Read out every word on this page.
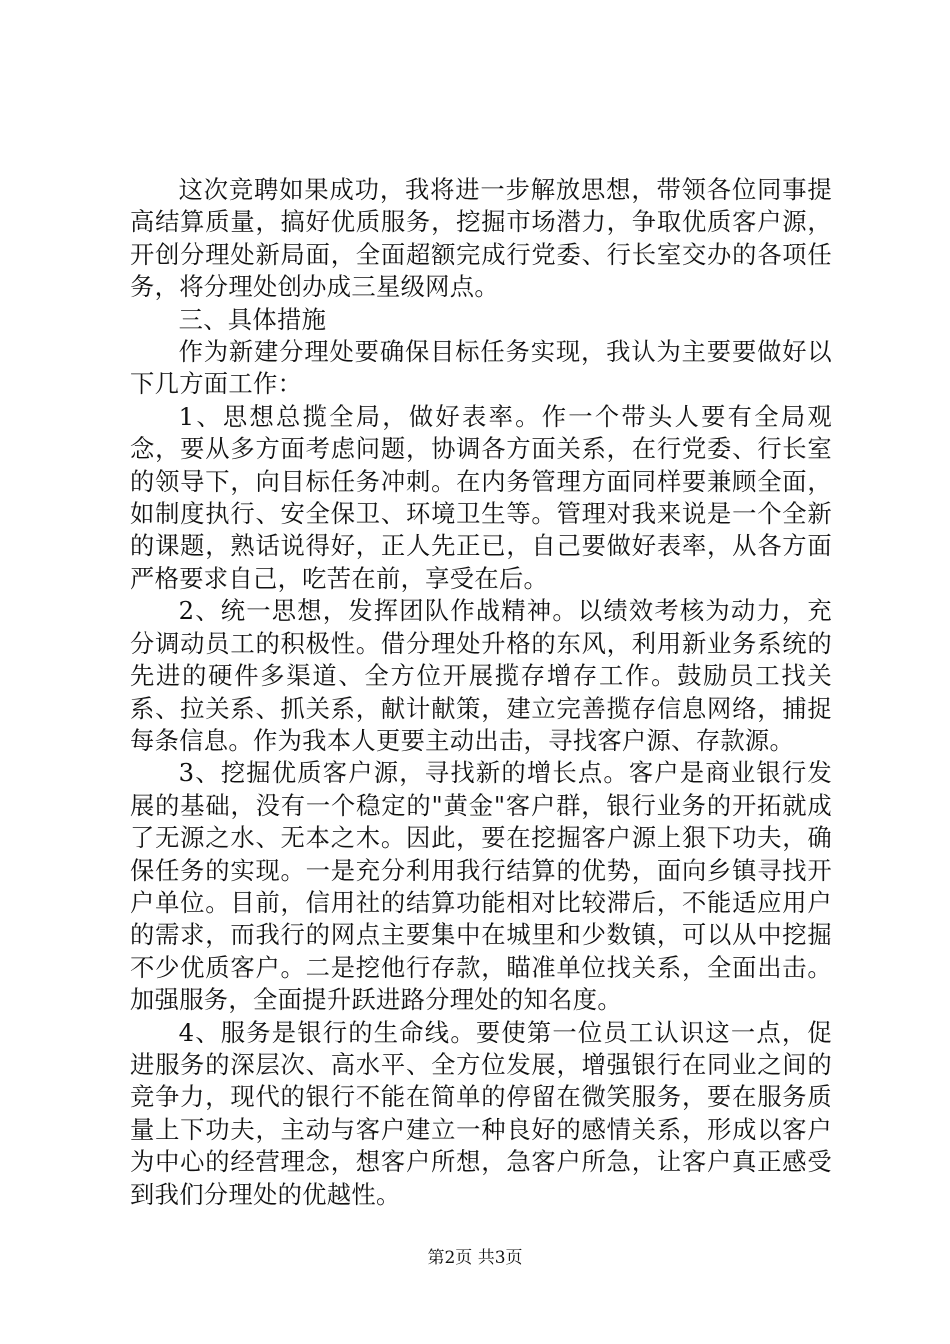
这次竞聘如果成功，我将进一步解放思想，带领各位同事提高结算质量，搞好优质服务，挖掘市场潜力，争取优质客户源，开创分理处新局面，全面超额完成行党委、行长室交办的各项任务，将分理处创办成三星级网点。

三、具体措施

作为新建分理处要确保目标任务实现，我认为主要要做好以下几方面工作：

1、思想总揽全局，做好表率。作一个带头人要有全局观念，要从多方面考虑问题，协调各方面关系，在行党委、行长室的领导下，向目标任务冲刺。在内务管理方面同样要兼顾全面，如制度执行、安全保卫、环境卫生等。管理对我来说是一个全新的课题，熟话说得好，正人先正已，自己要做好表率，从各方面严格要求自己，吃苦在前，享受在后。

2、统一思想，发挥团队作战精神。以绩效考核为动力，充分调动员工的积极性。借分理处升格的东风，利用新业务系统的先进的硬件多渠道、全方位开展揽存增存工作。鼓励员工找关系、拉关系、抓关系，献计献策，建立完善揽存信息网络，捕捉每条信息。作为我本人更要主动出击，寻找客户源、存款源。

3、挖掘优质客户源，寻找新的增长点。客户是商业银行发展的基础，没有一个稳定的"黄金"客户群，银行业务的开拓就成了无源之水、无本之木。因此，要在挖掘客户源上狠下功夫，确保任务的实现。一是充分利用我行结算的优势，面向乡镇寻找开户单位。目前，信用社的结算功能相对比较滞后，不能适应用户的需求，而我行的网点主要集中在城里和少数镇，可以从中挖掘不少优质客户。二是挖他行存款，瞄准单位找关系，全面出击。加强服务，全面提升跃进路分理处的知名度。

4、服务是银行的生命线。要使第一位员工认识这一点，促进服务的深层次、高水平、全方位发展，增强银行在同业之间的竞争力，现代的银行不能在简单的停留在微笑服务，要在服务质量上下功夫，主动与客户建立一种良好的感情关系，形成以客户为中心的经营理念，想客户所想，急客户所急，让客户真正感受到我们分理处的优越性。

第2页 共3页
